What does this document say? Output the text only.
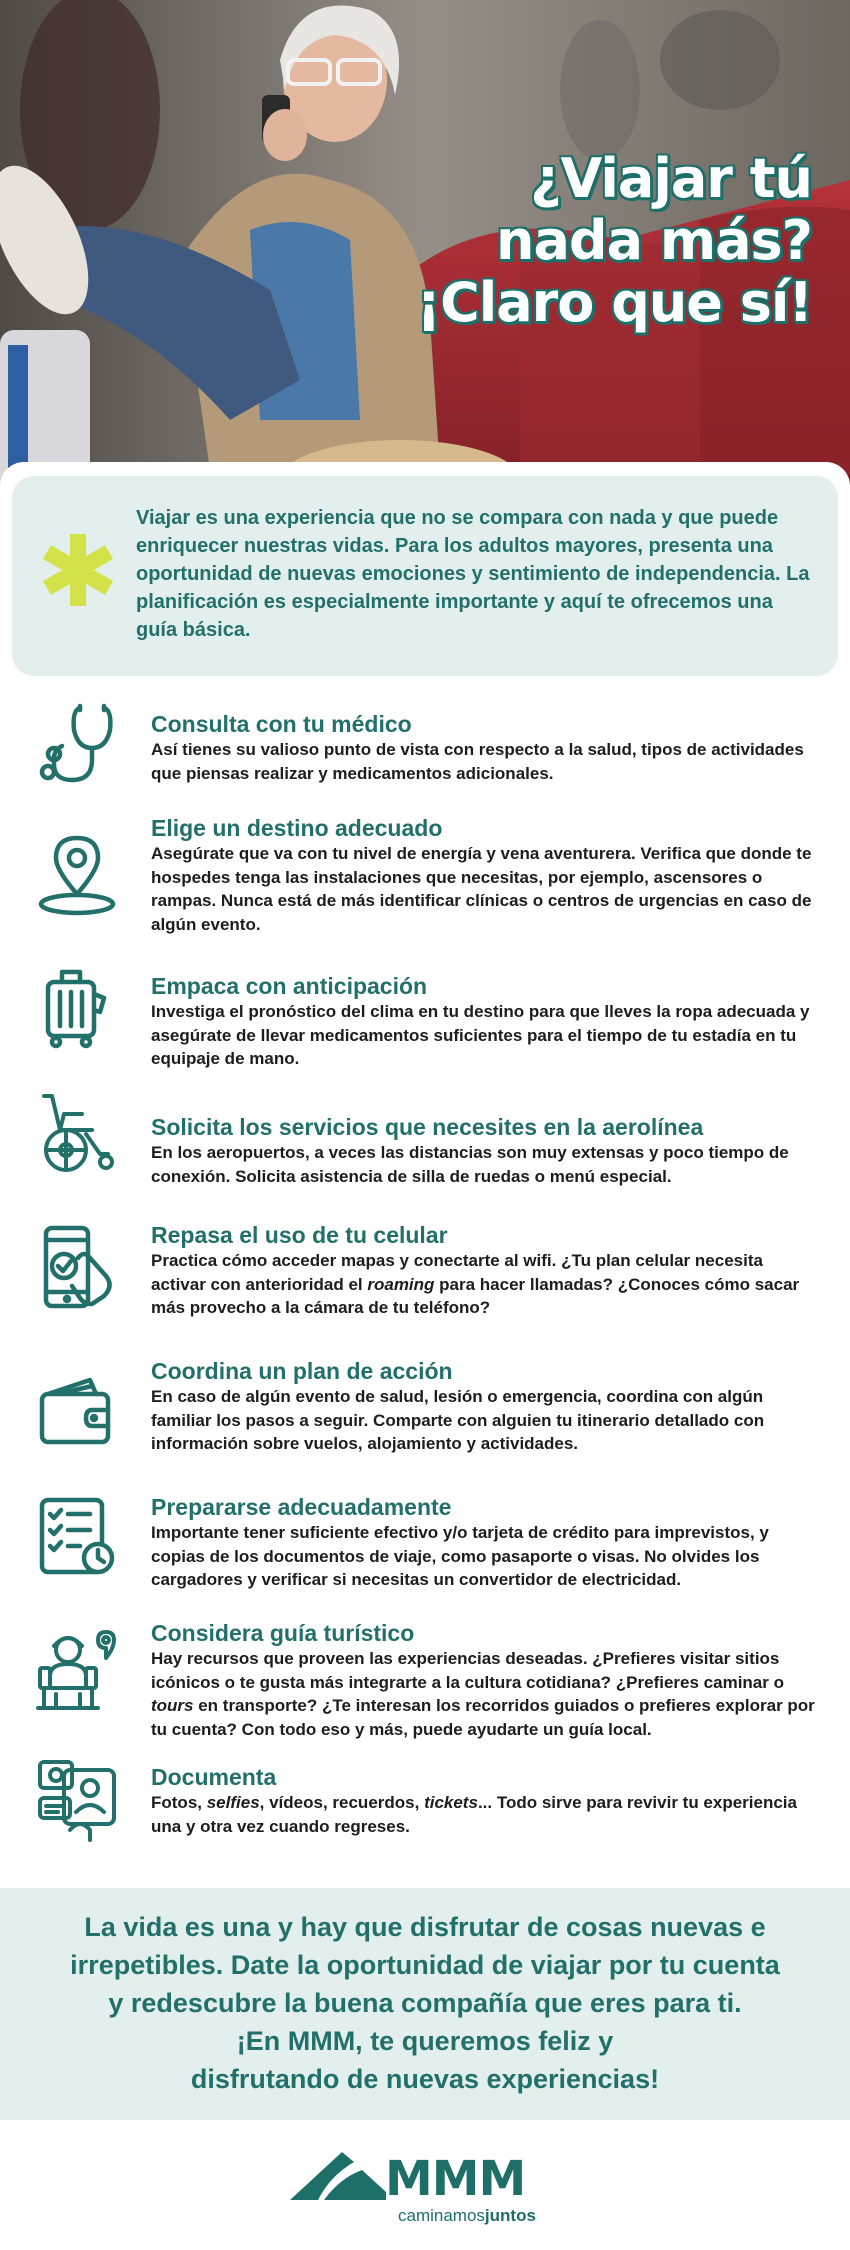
¿Viajar tú
nada más?
¡Claro que sí!
Viajar es una experiencia que no se compara con nada y que puede enriquecer nuestras vidas. Para los adultos mayores, presenta una oportunidad de nuevas emociones y sentimiento de independencia. La planificación es especialmente importante y aquí te ofrecemos una guía básica.
Consulta con tu médico
Así tienes su valioso punto de vista con respecto a la salud, tipos de actividades que piensas realizar y medicamentos adicionales.
Elige un destino adecuado
Asegúrate que va con tu nivel de energía y vena aventurera. Verifica que donde te hospedes tenga las instalaciones que necesitas, por ejemplo, ascensores o rampas. Nunca está de más identificar clínicas o centros de urgencias en caso de algún evento.
Empaca con anticipación
Investiga el pronóstico del clima en tu destino para que lleves la ropa adecuada y asegúrate de llevar medicamentos suficientes para el tiempo de tu estadía en tu equipaje de mano.
Solicita los servicios que necesites en la aerolínea
En los aeropuertos, a veces las distancias son muy extensas y poco tiempo de conexión. Solicita asistencia de silla de ruedas o menú especial.
Repasa el uso de tu celular
Practica cómo acceder mapas y conectarte al wifi. ¿Tu plan celular necesita activar con anterioridad el roaming para hacer llamadas? ¿Conoces cómo sacar más provecho a la cámara de tu teléfono?
Coordina un plan de acción
En caso de algún evento de salud, lesión o emergencia, coordina con algún familiar los pasos a seguir. Comparte con alguien tu itinerario detallado con información sobre vuelos, alojamiento y actividades.
Prepararse adecuadamente
Importante tener suficiente efectivo y/o tarjeta de crédito para imprevistos, y copias de los documentos de viaje, como pasaporte o visas. No olvides los cargadores y verificar si necesitas un convertidor de electricidad.
Considera guía turístico
Hay recursos que proveen las experiencias deseadas. ¿Prefieres visitar sitios icónicos o te gusta más integrarte a la cultura cotidiana? ¿Prefieres caminar o tours en transporte? ¿Te interesan los recorridos guiados o prefieres explorar por tu cuenta? Con todo eso y más, puede ayudarte un guía local.
Documenta
Fotos, selfies, vídeos, recuerdos, tickets... Todo sirve para revivir tu experiencia una y otra vez cuando regreses.
La vida es una y hay que disfrutar de cosas nuevas e
irrepetibles. Date la oportunidad de viajar por tu cuenta
y redescubre la buena compañía que eres para ti.
¡En MMM, te queremos feliz y
disfrutando de nuevas experiencias!
MMM
caminamosjuntos
